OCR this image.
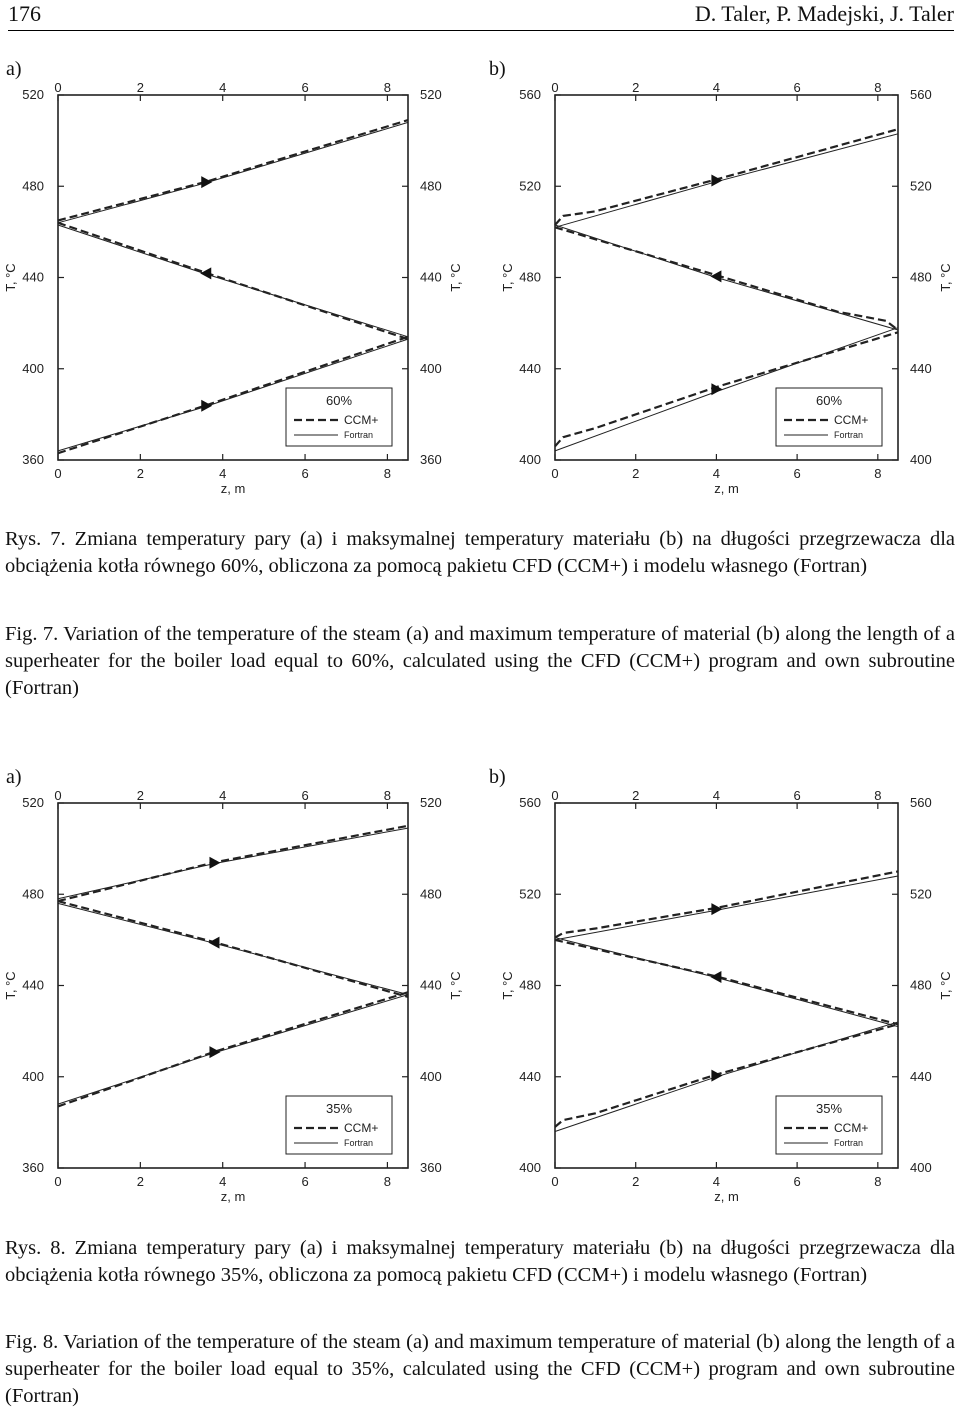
176	D. Taler, P. Madejski, J. Taler
a)	b)
0
0
2
2
4
4
6
6
8
8
360	360
400	400
440	440
480	480
520	520
z, m
T, °C	T, °C
60%
CCM+
Fortran
0
0
2
2
4
4
6
6
8
8
400	400
440	440
480	480
520	520
560	560
z, m
T, °C	T, °C
60%
CCM+
Fortran

Rys. 7. Zmiana temperatury pary (a) i maksymalnej temperatury materiału (b) na długości przegrzewacza dla obciążenia kotła równego 60%, obliczona za pomocą pakietu CFD (CCM+) i modelu własnego (Fortran)

Fig. 7. Variation of the temperature of the steam (a) and maximum temperature of material (b) along the length of a superheater for the boiler load equal to 60%, calculated using the CFD (CCM+) program and own subroutine (Fortran)

a)	b)
0
0
2
2
4
4
6
6
8
8
360	360
400	400
440	440
480	480
520	520
z, m
T, °C	T, °C
35%
CCM+
Fortran
0
0
2
2
4
4
6
6
8
8
400	400
440	440
480	480
520	520
560	560
z, m
T, °C	T, °C
35%
CCM+
Fortran

Rys. 8. Zmiana temperatury pary (a) i maksymalnej temperatury materiału (b) na długości przegrzewacza dla obciążenia kotła równego 35%, obliczona za pomocą pakietu CFD (CCM+) i modelu własnego (Fortran)

Fig. 8. Variation of the temperature of the steam (a) and maximum temperature of material (b) along the length of a superheater for the boiler load equal to 35%, calculated using the CFD (CCM+) program and own subroutine (Fortran)
